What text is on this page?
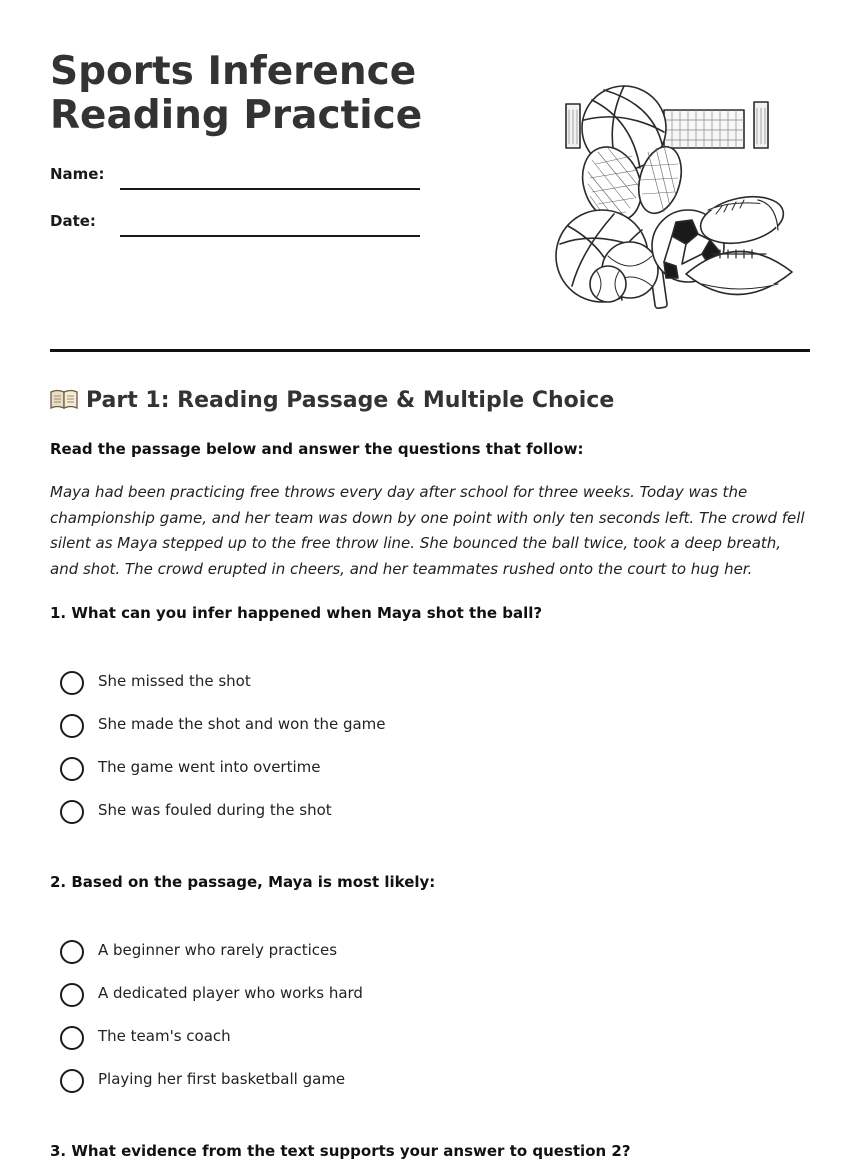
Sports Inference
Reading Practice
Name:
Date:
Part 1: Reading Passage & Multiple Choice
Read the passage below and answer the questions that follow:

Maya had been practicing free throws every day after school for three weeks. Today was the championship game, and her team was down by one point with only ten seconds left. The crowd fell silent as Maya stepped up to the free throw line. She bounced the ball twice, took a deep breath, and shot. The crowd erupted in cheers, and her teammates rushed onto the court to hug her.

1. What can you infer happened when Maya shot the ball?
She missed the shot
She made the shot and won the game
The game went into overtime
She was fouled during the shot
2. Based on the passage, Maya is most likely:
A beginner who rarely practices
A dedicated player who works hard
The team's coach
Playing her first basketball game
3. What evidence from the text supports your answer to question 2?
